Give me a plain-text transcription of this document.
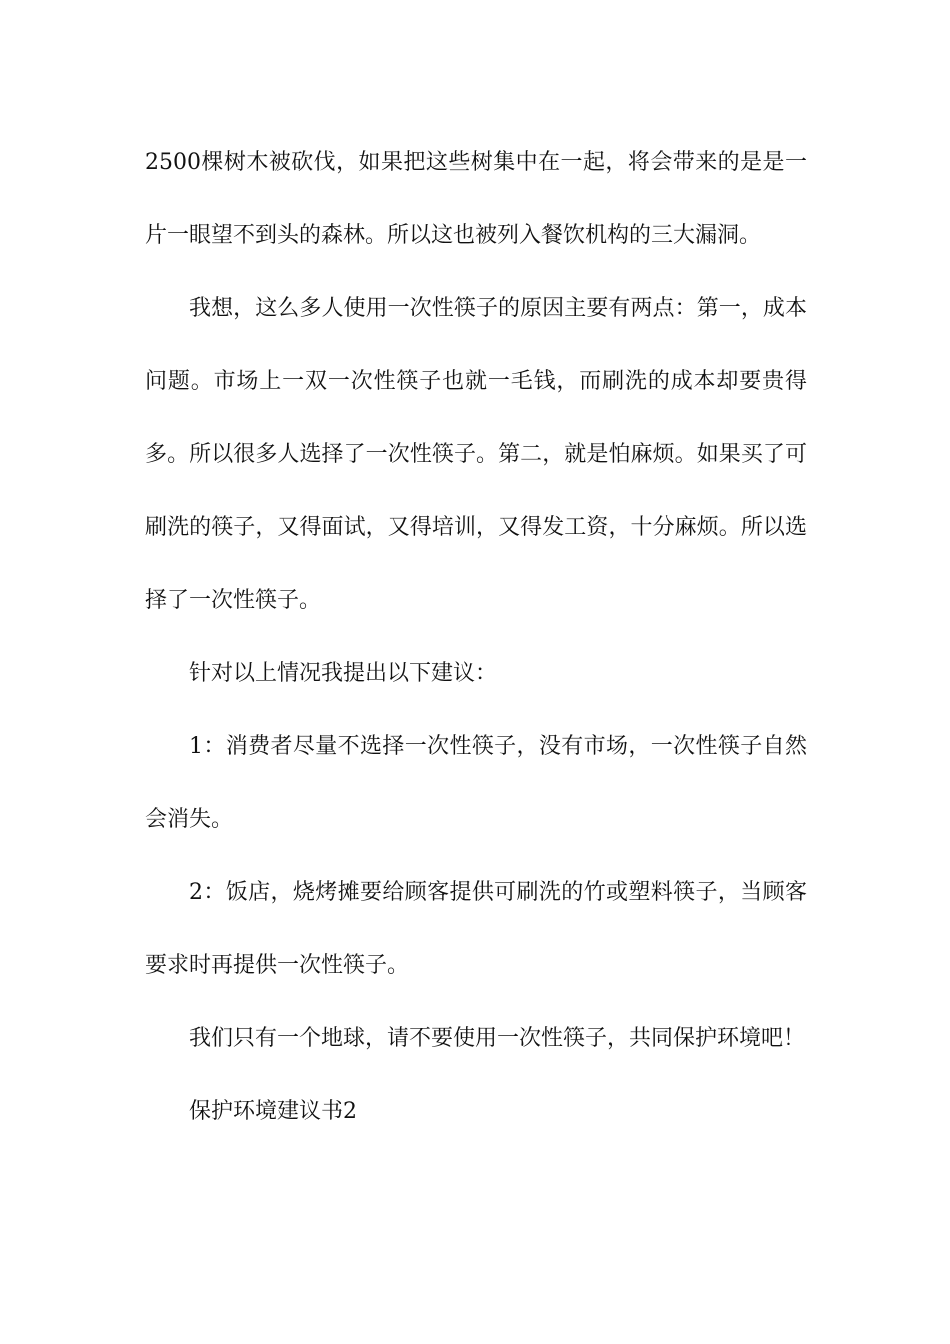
2500棵树木被砍伐，如果把这些树集中在一起，将会带来的是是一片一眼望不到头的森林。所以这也被列入餐饮机构的三大漏洞。

我想，这么多人使用一次性筷子的原因主要有两点：第一，成本问题。市场上一双一次性筷子也就一毛钱，而刷洗的成本却要贵得多。所以很多人选择了一次性筷子。第二，就是怕麻烦。如果买了可刷洗的筷子，又得面试，又得培训，又得发工资，十分麻烦。所以选择了一次性筷子。

针对以上情况我提出以下建议：

1：消费者尽量不选择一次性筷子，没有市场，一次性筷子自然会消失。

2：饭店，烧烤摊要给顾客提供可刷洗的竹或塑料筷子，当顾客要求时再提供一次性筷子。

我们只有一个地球，请不要使用一次性筷子，共同保护环境吧！

保护环境建议书2
